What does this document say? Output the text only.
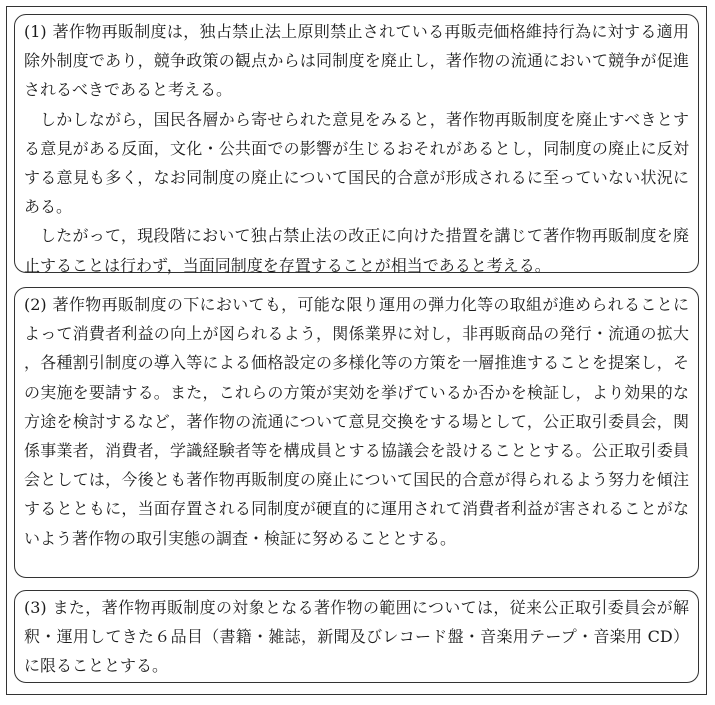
(1) 著作物再販制度は，独占禁止法上原則禁止されている再販売価格維持行為に対する適用除外制度であり，競争政策の観点からは同制度を廃止し，著作物の流通において競争が促進されるべきであると考える。

しかしながら，国民各層から寄せられた意見をみると，著作物再販制度を廃止すべきとする意見がある反面，文化・公共面での影響が生じるおそれがあるとし，同制度の廃止に反対する意見も多く，なお同制度の廃止について国民的合意が形成されるに至っていない状況にある。

したがって，現段階において独占禁止法の改正に向けた措置を講じて著作物再販制度を廃止することは行わず，当面同制度を存置することが相当であると考える。

(2) 著作物再販制度の下においても，可能な限り運用の弾力化等の取組が進められることによって消費者利益の向上が図られるよう，関係業界に対し，非再販商品の発行・流通の拡大，各種割引制度の導入等による価格設定の多様化等の方策を一層推進することを提案し，その実施を要請する。また，これらの方策が実効を挙げているか否かを検証し，より効果的な方途を検討するなど，著作物の流通について意見交換をする場として，公正取引委員会，関係事業者，消費者，学識経験者等を構成員とする協議会を設けることとする。公正取引委員会としては，今後とも著作物再販制度の廃止について国民的合意が得られるよう努力を傾注するとともに，当面存置される同制度が硬直的に運用されて消費者利益が害されることがないよう著作物の取引実態の調査・検証に努めることとする。

(3) また，著作物再販制度の対象となる著作物の範囲については，従来公正取引委員会が解釈・運用してきた６品目（書籍・雑誌，新聞及びレコード盤・音楽用テープ・音楽用 CD）に限ることとする。
